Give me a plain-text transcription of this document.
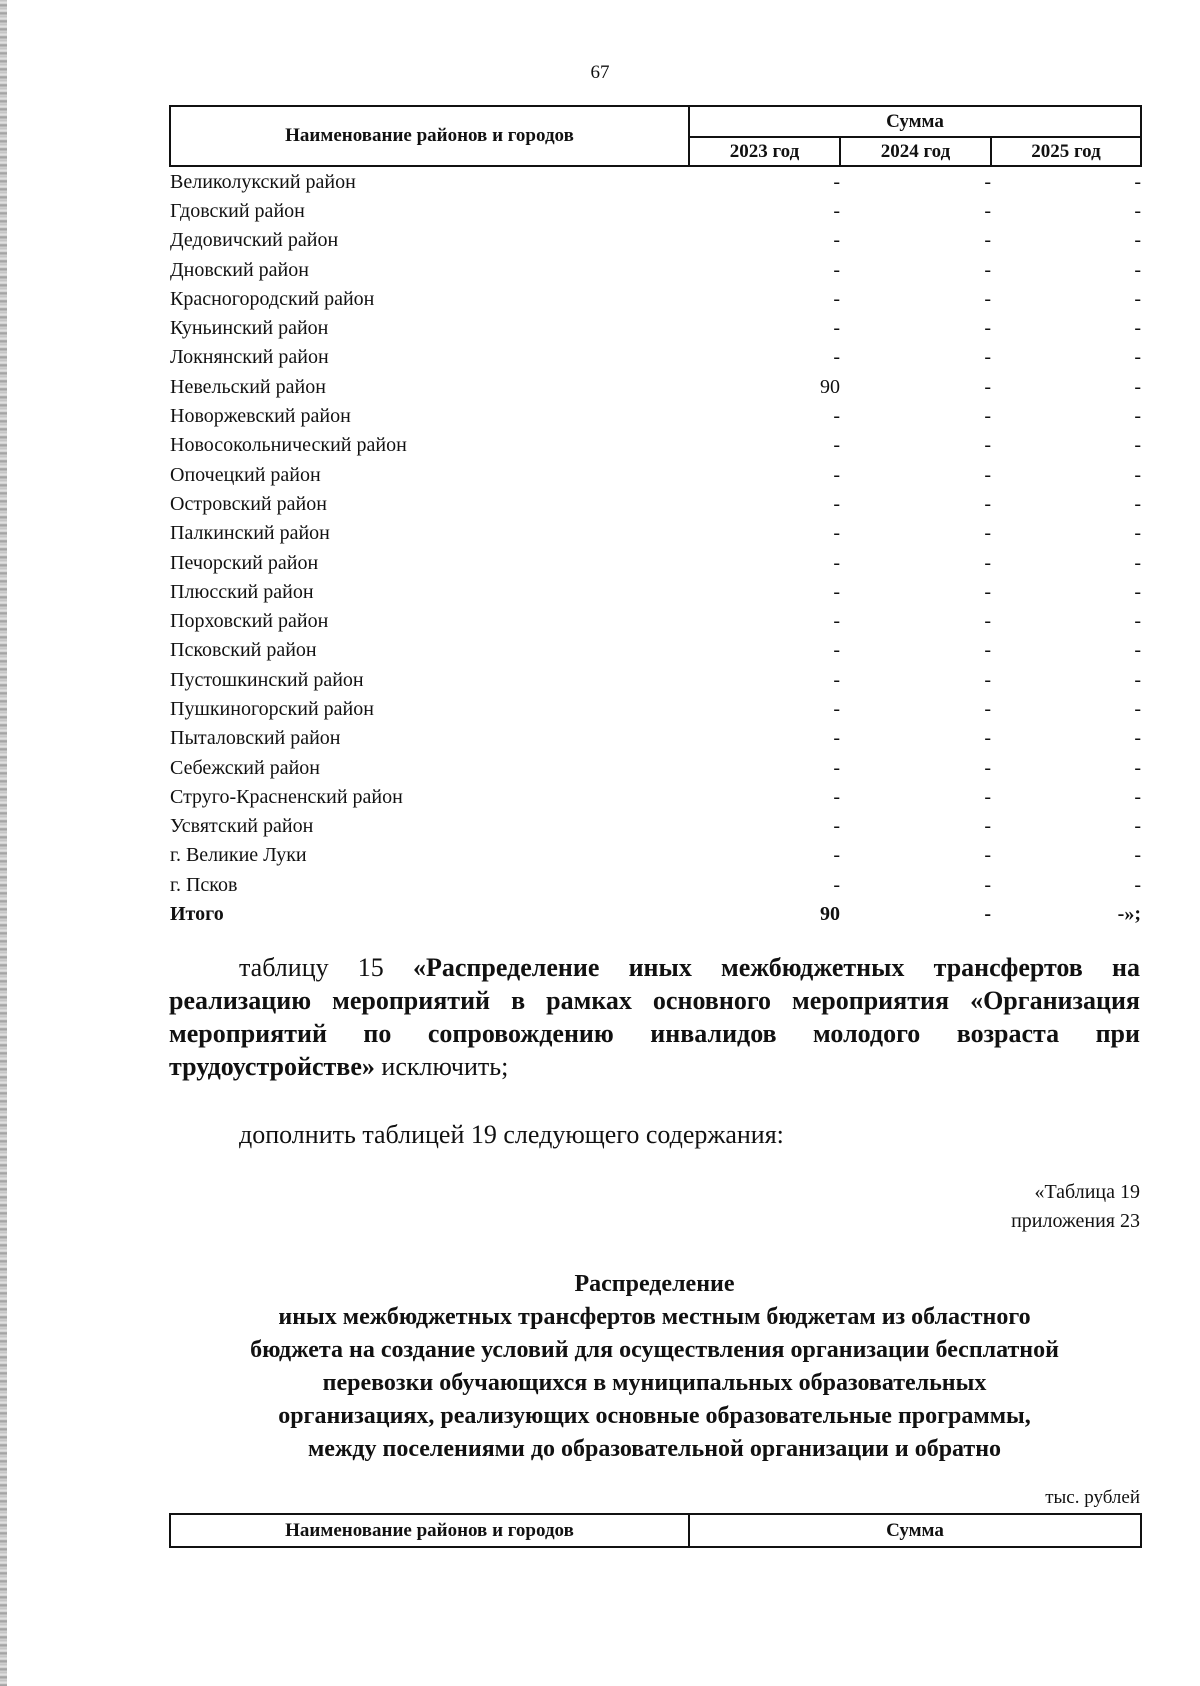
67
Наименование районов и городов	Сумма		
	2023 год	2024 год	2025 год
Великолукский район	-	-	-
Гдовский район	-	-	-
Дедовичский район	-	-	-
Дновский район	-	-	-
Красногородский район	-	-	-
Куньинский район	-	-	-
Локнянский район	-	-	-
Невельский район	90	-	-
Новоржевский район	-	-	-
Новосокольнический район	-	-	-
Опочецкий район	-	-	-
Островский район	-	-	-
Палкинский район	-	-	-
Печорский район	-	-	-
Плюсский район	-	-	-
Порховский район	-	-	-
Псковский район	-	-	-
Пустошкинский район	-	-	-
Пушкиногорский район	-	-	-
Пыталовский район	-	-	-
Себежский район	-	-	-
Струго-Красненский район	-	-	-
Усвятский район	-	-	-
г. Великие Луки	-	-	-
г. Псков	-	-	-
Итого	90	-	-»;
таблицу 15 «Распределение иных межбюджетных трансфертов на реализацию мероприятий в рамках основного мероприятия «Организация мероприятий по сопровождению инвалидов молодого возраста при трудоустройстве» исключить;
дополнить таблицей 19 следующего содержания:
«Таблица 19
приложения 23
Распределение
иных межбюджетных трансфертов местным бюджетам из областного
бюджета на создание условий для осуществления организации бесплатной
перевозки обучающихся в муниципальных образовательных
организациях, реализующих основные образовательные программы,
между поселениями до образовательной организации и обратно
тыс. рублей
Наименование районов и городов	Сумма
